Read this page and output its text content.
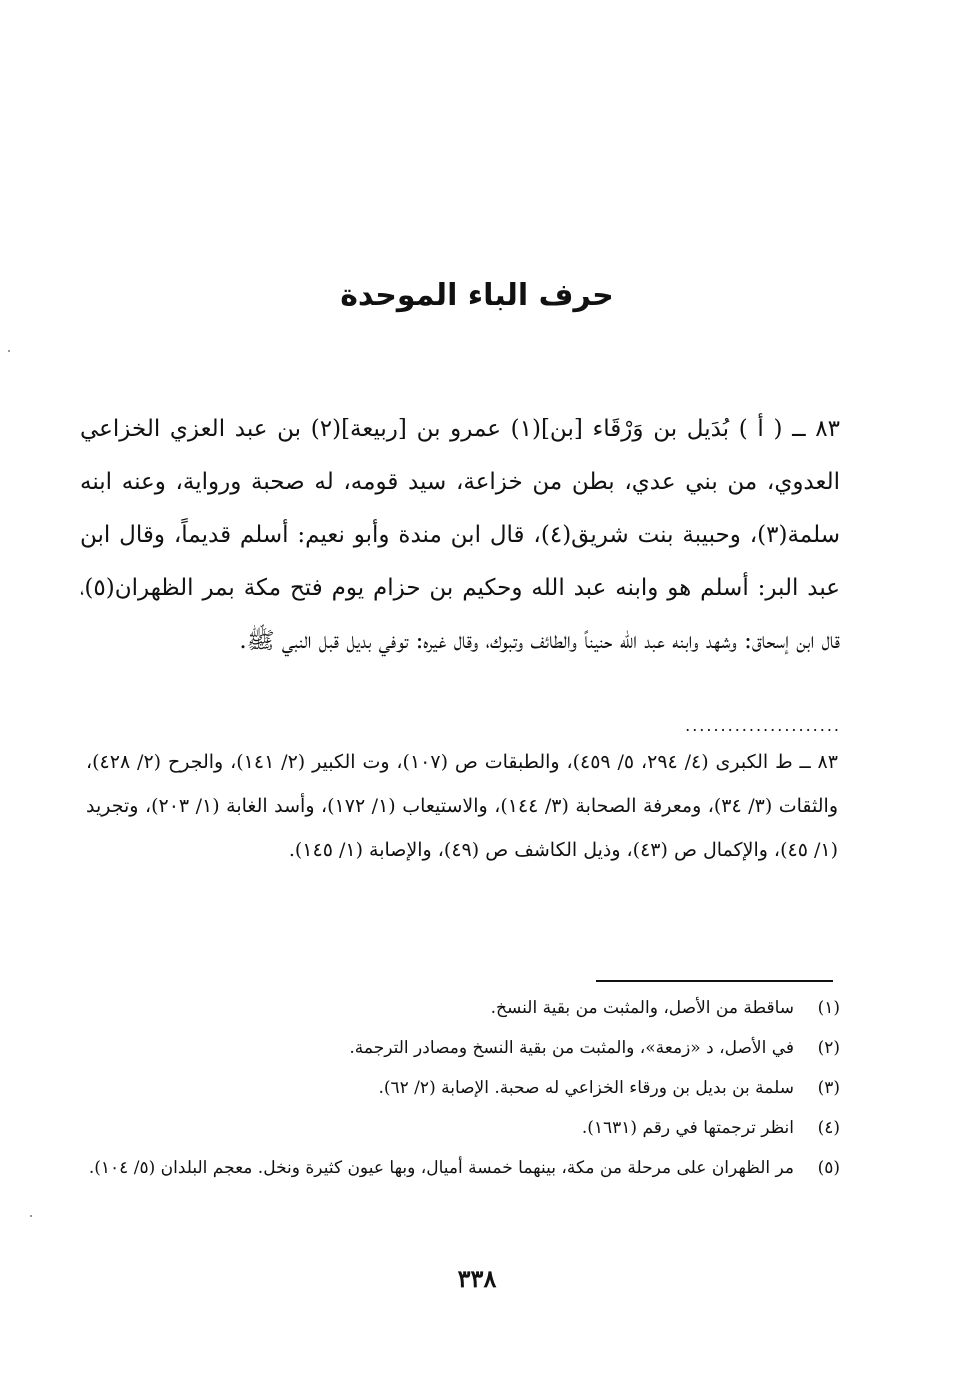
حرف الباء الموحدة
٨٣ ــ ( أ ) بُدَيل بن وَرْقَاء [بن](١) عمرو بن [ربيعة](٢) بن عبد العزي الخزاعي العدوي، من بني عدي، بطن من خزاعة، سيد قومه، له صحبة ورواية، وعنه ابنه سلمة(٣)، وحبيبة بنت شريق(٤)، قال ابن مندة وأبو نعيم: أسلم قديماً، وقال ابن عبد البر: أسلم هو وابنه عبد الله وحكيم بن حزام يوم فتح مكة بمر الظهران(٥)، قال ابن إسحاق: وشهد وابنه عبد الله حنيناً والطائف وتبوك، وقال غيره: توفي بديل قبل النبي ﷺ.
......................
٨٣ ــ ط الكبرى (٤/ ٢٩٤، ٥/ ٤٥٩)، والطبقات ص (١٠٧)، وت الكبير (٢/ ١٤١)، والجرح (٢/ ٤٢٨)، والثقات (٣/ ٣٤)، ومعرفة الصحابة (٣/ ١٤٤)، والاستيعاب (١/ ١٧٢)، وأسد الغابة (١/ ٢٠٣)، وتجريد (١/ ٤٥)، والإكمال ص (٤٣)، وذيل الكاشف ص (٤٩)، والإصابة (١/ ١٤٥).
(١)
ساقطة من الأصل، والمثبت من بقية النسخ.
(٢)
في الأصل، د «زمعة»، والمثبت من بقية النسخ ومصادر الترجمة.
(٣)
سلمة بن بديل بن ورقاء الخزاعي له صحبة. الإصابة (٢/ ٦٢).
(٤)
انظر ترجمتها في رقم (١٦٣١).
(٥)
مر الظهران على مرحلة من مكة، بينهما خمسة أميال، وبها عيون كثيرة ونخل. معجم البلدان (٥/ ١٠٤).
٣٣٨
